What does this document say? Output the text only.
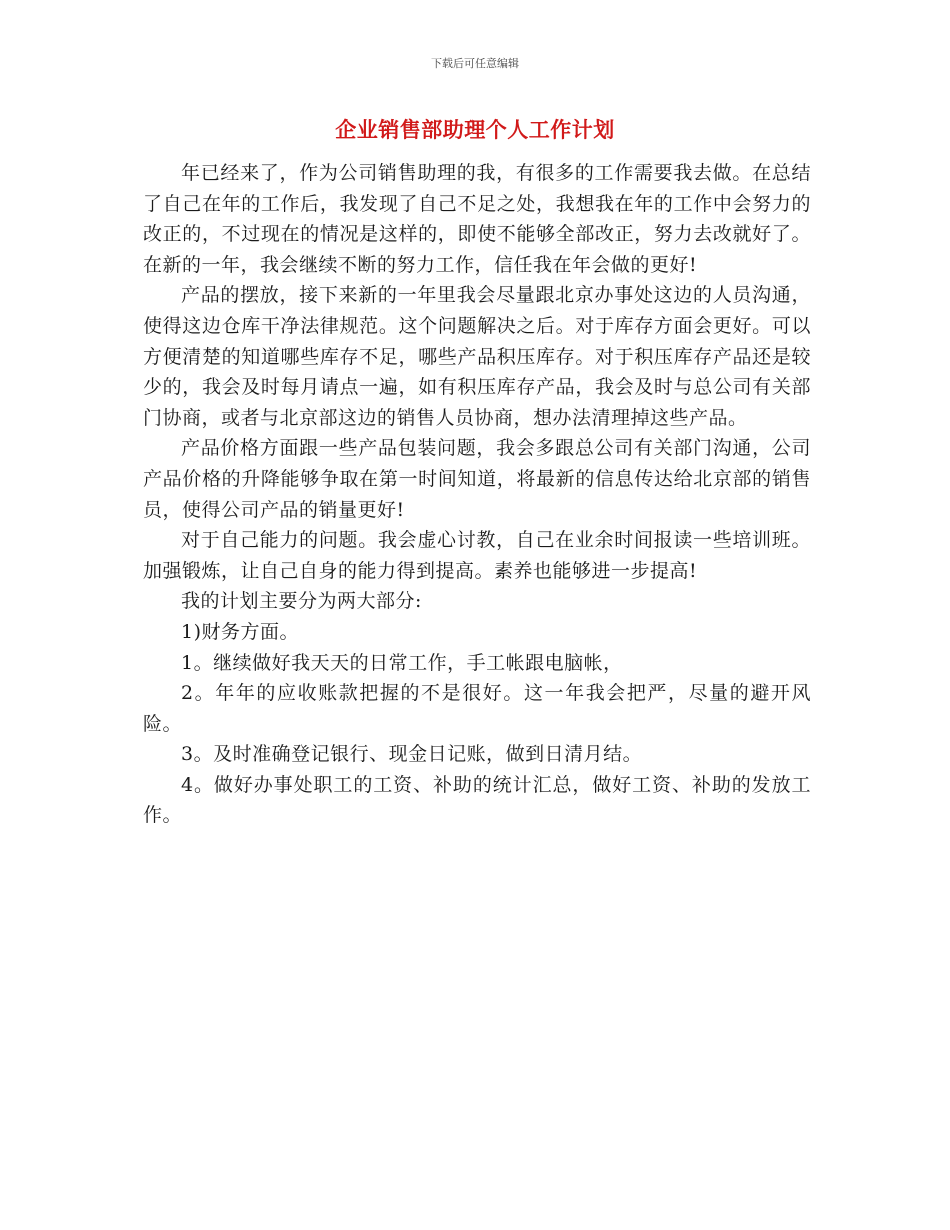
下载后可任意编辑
企业销售部助理个人工作计划

年已经来了，作为公司销售助理的我，有很多的工作需要我去做。在总结了自己在年的工作后，我发现了自己不足之处，我想我在年的工作中会努力的改正的，不过现在的情况是这样的，即使不能够全部改正，努力去改就好了。在新的一年，我会继续不断的努力工作，信任我在年会做的更好!

产品的摆放，接下来新的一年里我会尽量跟北京办事处这边的人员沟通，使得这边仓库干净法律规范。这个问题解决之后。对于库存方面会更好。可以方便清楚的知道哪些库存不足，哪些产品积压库存。对于积压库存产品还是较少的，我会及时每月请点一遍，如有积压库存产品，我会及时与总公司有关部门协商，或者与北京部这边的销售人员协商，想办法清理掉这些产品。

产品价格方面跟一些产品包装问题，我会多跟总公司有关部门沟通，公司产品价格的升降能够争取在第一时间知道，将最新的信息传达给北京部的销售员，使得公司产品的销量更好!

对于自己能力的问题。我会虚心讨教，自己在业余时间报读一些培训班。加强锻炼，让自己自身的能力得到提高。素养也能够进一步提高!

我的计划主要分为两大部分:

1)财务方面。

1。继续做好我天天的日常工作，手工帐跟电脑帐，

2。年年的应收账款把握的不是很好。这一年我会把严，尽量的避开风险。

3。及时准确登记银行、现金日记账，做到日清月结。

4。做好办事处职工的工资、补助的统计汇总，做好工资、补助的发放工作。
